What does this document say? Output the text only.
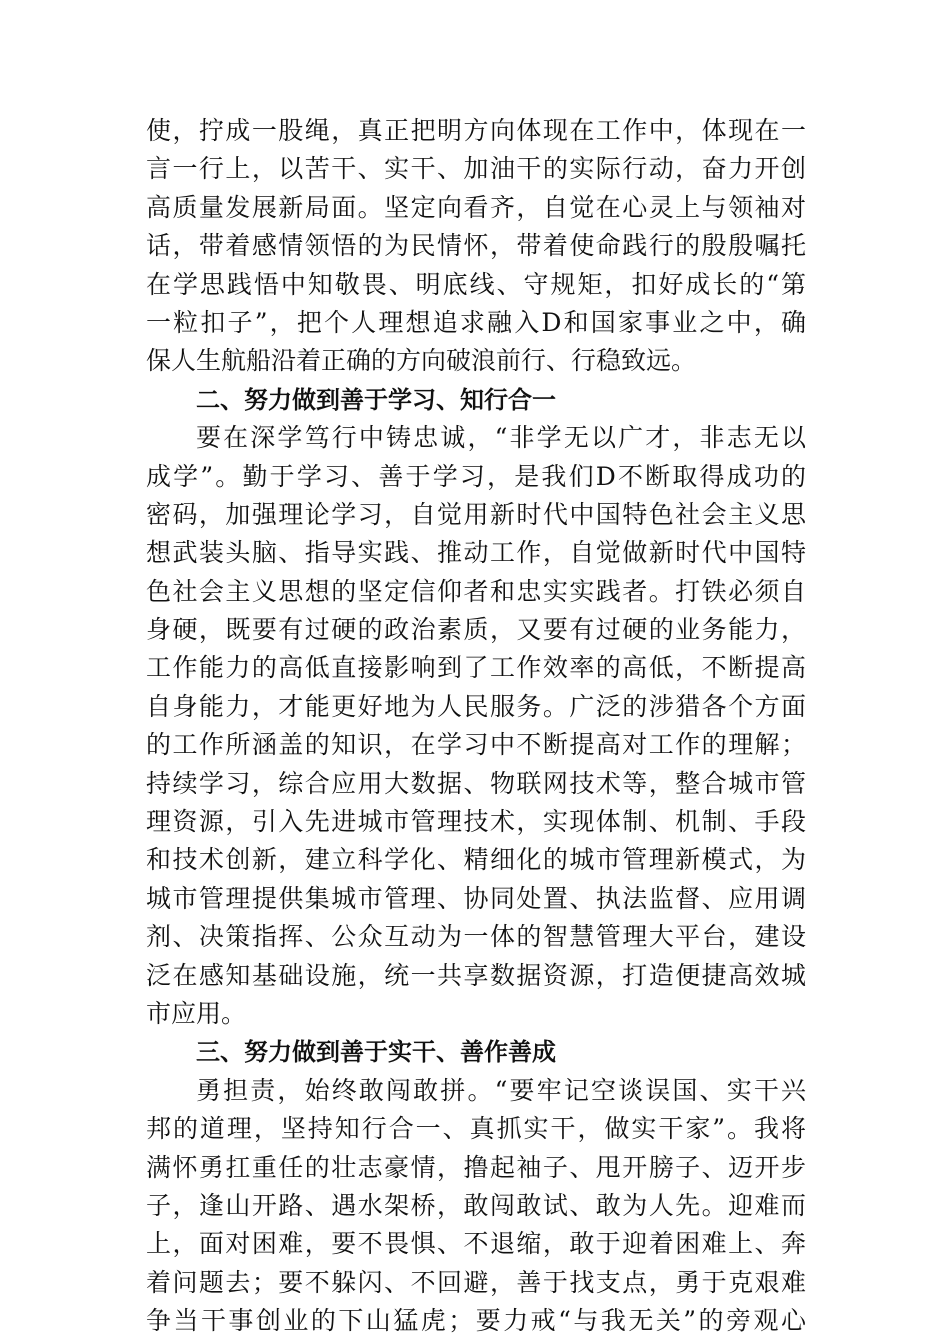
使，拧成一股绳，真正把明方向体现在工作中，体现在一
言一行上，以苦干、实干、加油干的实际行动，奋力开创
高质量发展新局面。坚定向看齐，自觉在心灵上与领袖对
话，带着感情领悟的为民情怀，带着使命践行的殷殷嘱托
在学思践悟中知敬畏、明底线、守规矩，扣好成长的“第
一粒扣子”，把个人理想追求融入D和国家事业之中，确
保人生航船沿着正确的方向破浪前行、行稳致远。
二、努力做到善于学习、知行合一
要在深学笃行中铸忠诚，“非学无以广才，非志无以
成学”。勤于学习、善于学习，是我们D不断取得成功的
密码，加强理论学习，自觉用新时代中国特色社会主义思
想武装头脑、指导实践、推动工作，自觉做新时代中国特
色社会主义思想的坚定信仰者和忠实实践者。打铁必须自
身硬，既要有过硬的政治素质，又要有过硬的业务能力，
工作能力的高低直接影响到了工作效率的高低，不断提高
自身能力，才能更好地为人民服务。广泛的涉猎各个方面
的工作所涵盖的知识，在学习中不断提高对工作的理解；
持续学习，综合应用大数据、物联网技术等，整合城市管
理资源，引入先进城市管理技术，实现体制、机制、手段
和技术创新，建立科学化、精细化的城市管理新模式，为
城市管理提供集城市管理、协同处置、执法监督、应用调
剂、决策指挥、公众互动为一体的智慧管理大平台，建设
泛在感知基础设施，统一共享数据资源，打造便捷高效城
市应用。
三、努力做到善于实干、善作善成
勇担责，始终敢闯敢拼。“要牢记空谈误国、实干兴
邦的道理，坚持知行合一、真抓实干，做实干家”。我将
满怀勇扛重任的壮志豪情，撸起袖子、甩开膀子、迈开步
子，逢山开路、遇水架桥，敢闯敢试、敢为人先。迎难而
上，面对困难，要不畏惧、不退缩，敢于迎着困难上、奔
着问题去；要不躲闪、不回避，善于找支点，勇于克艰难
争当干事创业的下山猛虎；要力戒“与我无关”的旁观心
